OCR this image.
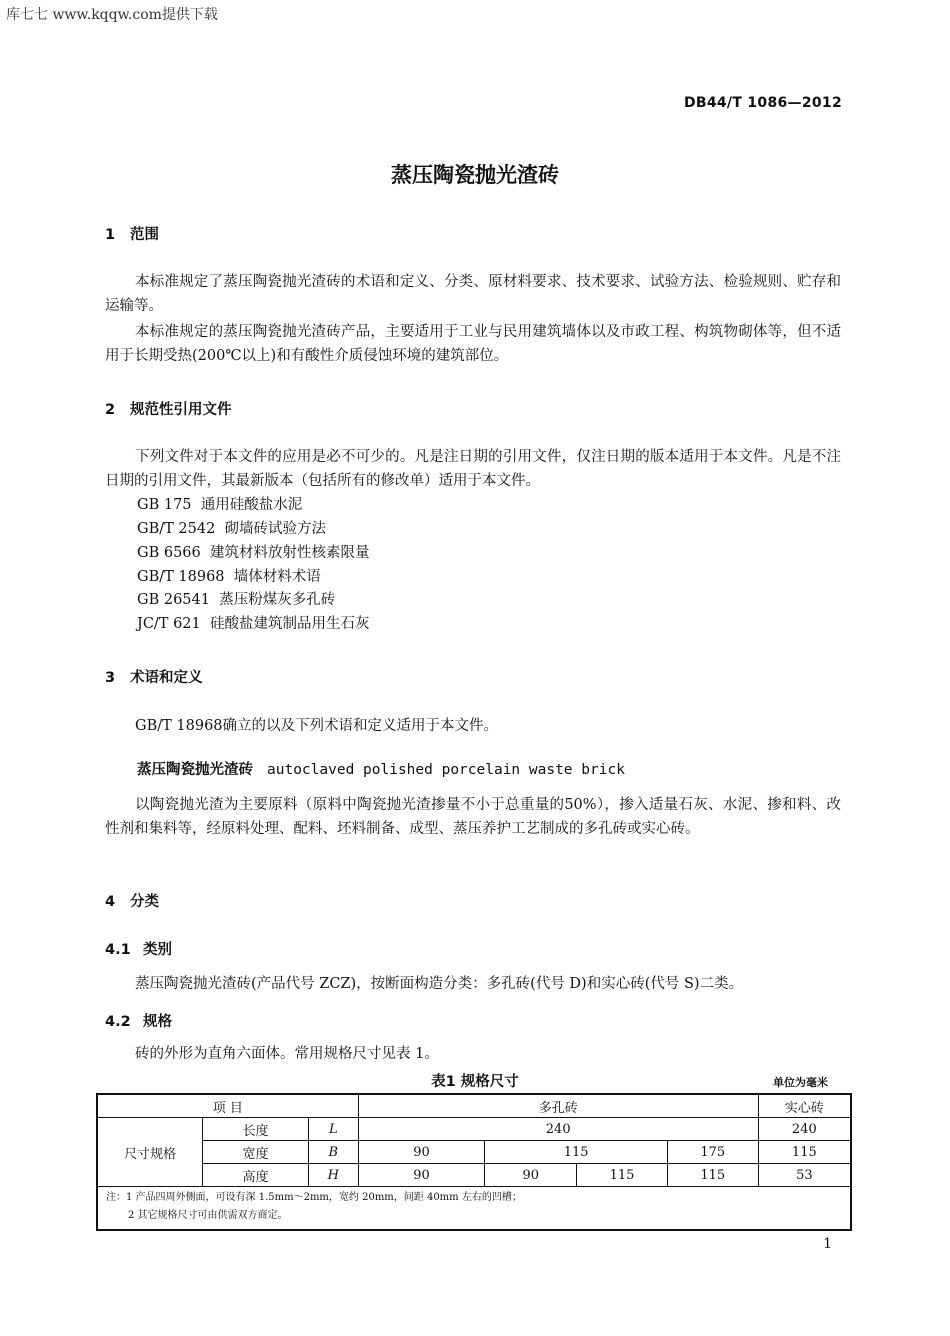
库七七 www.kqqw.com提供下载
DB44/T 1086—2012
蒸压陶瓷抛光渣砖
1 范围
本标准规定了蒸压陶瓷抛光渣砖的术语和定义、分类、原材料要求、技术要求、试验方法、检验规则、贮存和运输等。
本标准规定的蒸压陶瓷抛光渣砖产品，主要适用于工业与民用建筑墙体以及市政工程、构筑物砌体等，但不适用于长期受热(200℃以上)和有酸性介质侵蚀环境的建筑部位。
2 规范性引用文件
下列文件对于本文件的应用是必不可少的。凡是注日期的引用文件，仅注日期的版本适用于本文件。凡是不注日期的引用文件，其最新版本（包括所有的修改单）适用于本文件。
GB 175  通用硅酸盐水泥
GB/T 2542  砌墙砖试验方法
GB 6566  建筑材料放射性核素限量
GB/T 18968  墙体材料术语
GB 26541  蒸压粉煤灰多孔砖
JC/T 621  硅酸盐建筑制品用生石灰
3 术语和定义
GB/T 18968确立的以及下列术语和定义适用于本文件。
蒸压陶瓷抛光渣砖 autoclaved polished porcelain waste brick
以陶瓷抛光渣为主要原料（原料中陶瓷抛光渣掺量不小于总重量的50%），掺入适量石灰、水泥、掺和料、改性剂和集料等，经原料处理、配料、坯料制备、成型、蒸压养护工艺制成的多孔砖或实心砖。
4 分类
4.1 类别
蒸压陶瓷抛光渣砖(产品代号 ZCZ)，按断面构造分类：多孔砖(代号 D)和实心砖(代号 S)二类。
4.2 规格
砖的外形为直角六面体。常用规格尺寸见表 1。
表1 规格尺寸	单位为毫米
项 目			多孔砖				实心砖
尺寸规格	长度	L	240				240
	宽度	B	90	115		175	115
	高度	H	90	90	115	115	53

注：1 产品四周外侧面，可设有深 1.5mm～2mm，宽约 20mm，间距 40mm 左右的凹槽；
2 其它规格尺寸可由供需双方商定。							
1
